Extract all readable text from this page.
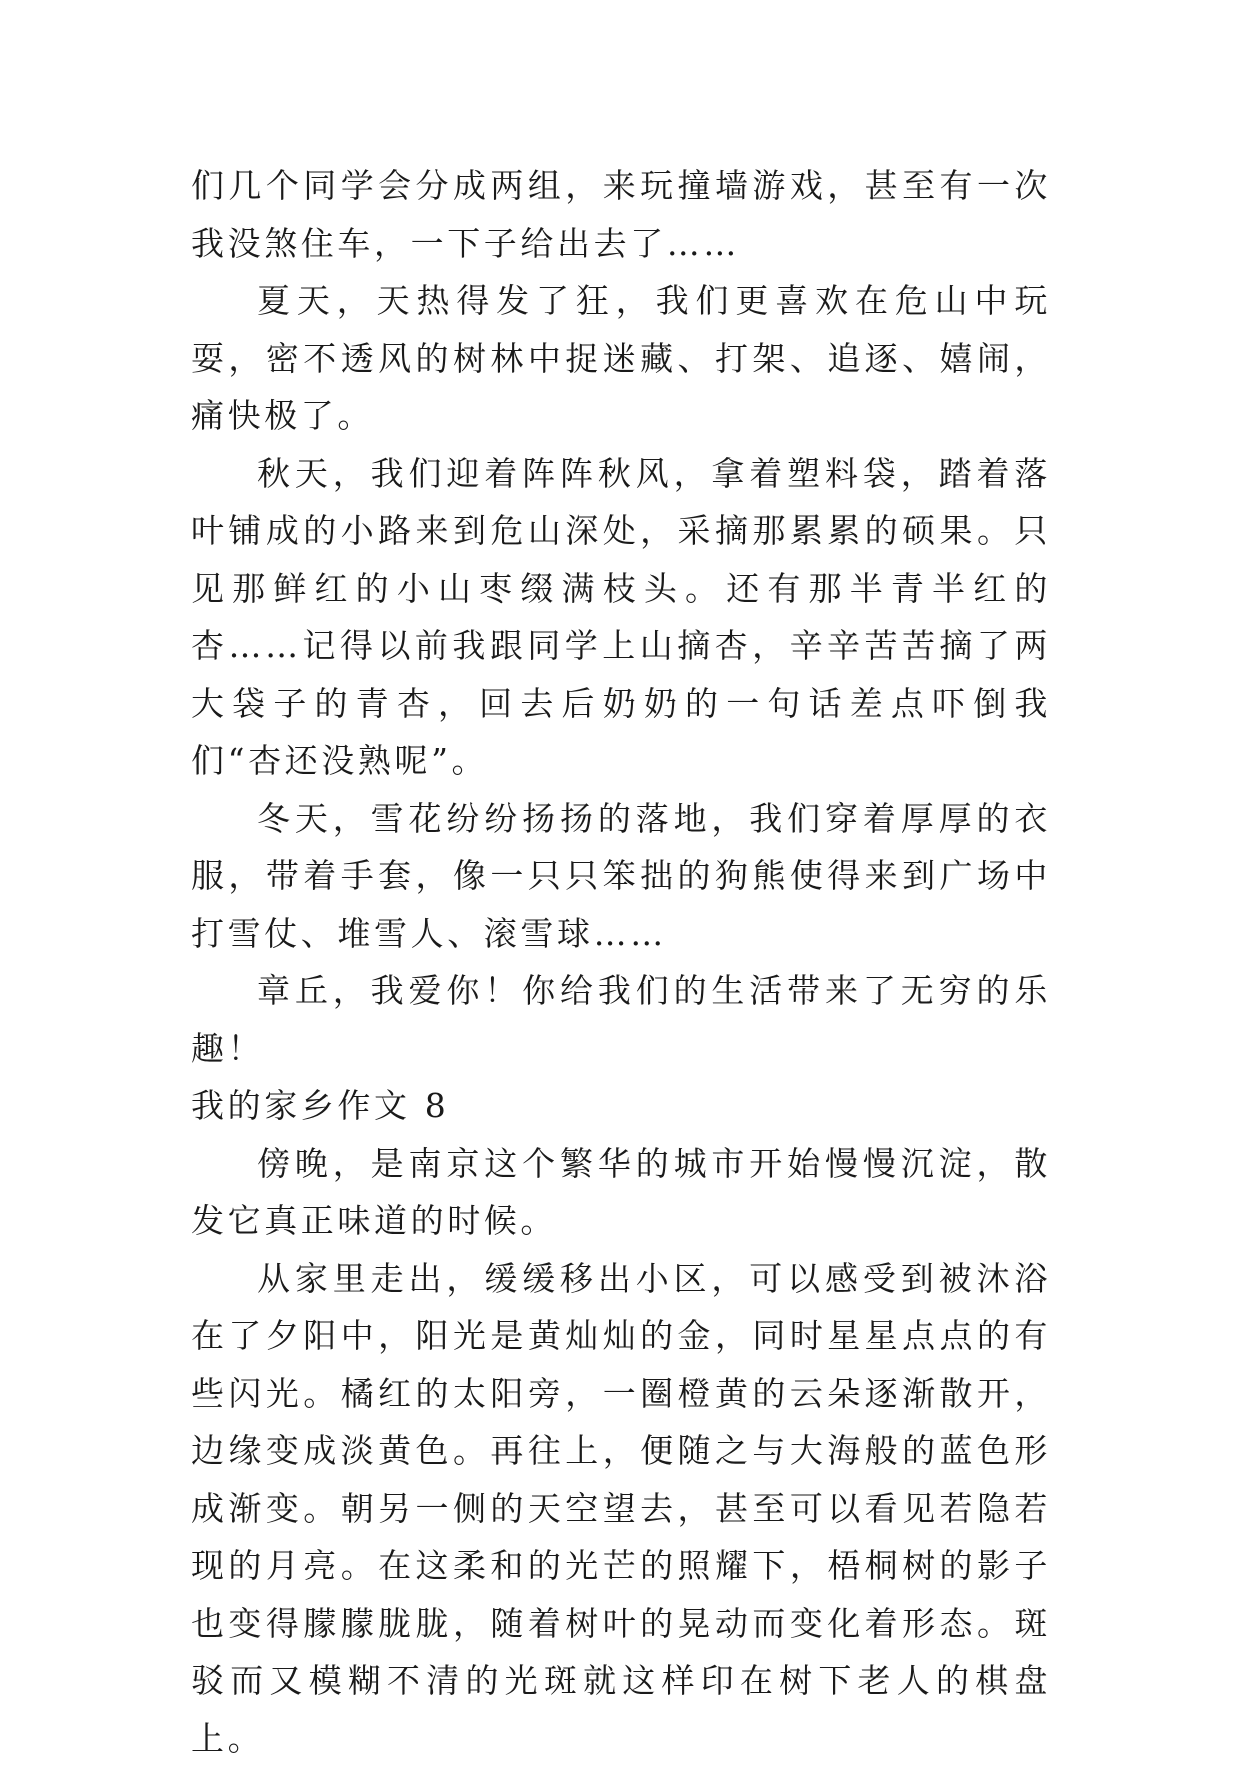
们几个同学会分成两组，来玩撞墙游戏，甚至有一次我没煞住车，一下子给出去了……

夏天，天热得发了狂，我们更喜欢在危山中玩耍，密不透风的树林中捉迷藏、打架、追逐、嬉闹，痛快极了。

秋天，我们迎着阵阵秋风，拿着塑料袋，踏着落叶铺成的小路来到危山深处，采摘那累累的硕果。只见那鲜红的小山枣缀满枝头。还有那半青半红的杏……记得以前我跟同学上山摘杏，辛辛苦苦摘了两大袋子的青杏，回去后奶奶的一句话差点吓倒我们“杏还没熟呢”。

冬天，雪花纷纷扬扬的落地，我们穿着厚厚的衣服，带着手套，像一只只笨拙的狗熊使得来到广场中打雪仗、堆雪人、滚雪球……

章丘，我爱你！你给我们的生活带来了无穷的乐趣！

我的家乡作文 8

傍晚，是南京这个繁华的城市开始慢慢沉淀，散发它真正味道的时候。

从家里走出，缓缓移出小区，可以感受到被沐浴在了夕阳中，阳光是黄灿灿的金，同时星星点点的有些闪光。橘红的太阳旁，一圈橙黄的云朵逐渐散开，边缘变成淡黄色。再往上，便随之与大海般的蓝色形成渐变。朝另一侧的天空望去，甚至可以看见若隐若现的月亮。在这柔和的光芒的照耀下，梧桐树的影子也变得朦朦胧胧，随着树叶的晃动而变化着形态。斑驳而又模糊不清的光斑就这样印在树下老人的棋盘上。
